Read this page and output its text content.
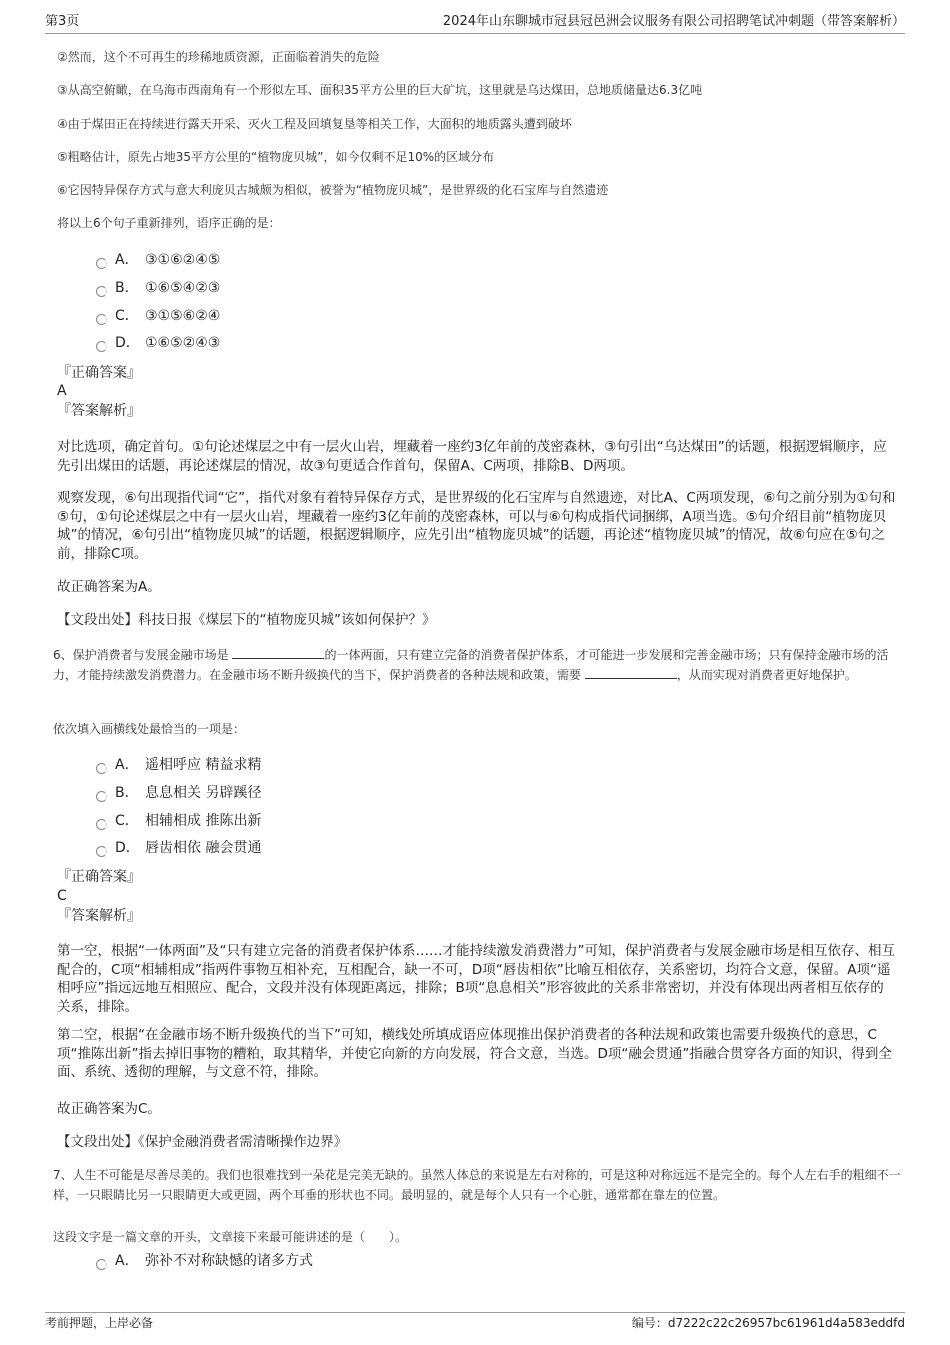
第3页	2024年山东聊城市冠县冠邑洲会议服务有限公司招聘笔试冲刺题（带答案解析）
②然而，这个不可再生的珍稀地质资源，正面临着消失的危险
③从高空俯瞰，在乌海市西南角有一个形似左耳、面积35平方公里的巨大矿坑，这里就是乌达煤田，总地质储量达6.3亿吨
④由于煤田正在持续进行露天开采、灭火工程及回填复垦等相关工作，大面积的地质露头遭到破坏
⑤粗略估计，原先占地35平方公里的“植物庞贝城”，如今仅剩不足10%的区域分布
⑥它因特异保存方式与意大利庞贝古城颇为相似，被誉为“植物庞贝城”，是世界级的化石宝库与自然遗迹
将以上6个句子重新排列，语序正确的是：
A． ③①⑥②④⑤
B． ①⑥⑤④②③
C． ③①⑤⑥②④
D． ①⑥⑤②④③
『正确答案』
A
『答案解析』
对比选项，确定首句。①句论述煤层之中有一层火山岩，埋藏着一座约3亿年前的茂密森林，③句引出“乌达煤田”的话题，根据逻辑顺序，应先引出煤田的话题，再论述煤层的情况，故③句更适合作首句，保留A、C两项，排除B、D两项。
观察发现，⑥句出现指代词“它”，指代对象有着特异保存方式，是世界级的化石宝库与自然遗迹，对比A、C两项发现，⑥句之前分别为①句和⑤句，①句论述煤层之中有一层火山岩，埋藏着一座约3亿年前的茂密森林，可以与⑥句构成指代词捆绑，A项当选。⑤句介绍目前“植物庞贝城”的情况，⑥句引出“植物庞贝城”的话题，根据逻辑顺序，应先引出“植物庞贝城”的话题，再论述“植物庞贝城”的情况，故⑥句应在⑤句之前，排除C项。
故正确答案为A。
【文段出处】科技日报《煤层下的“植物庞贝城”该如何保护？》
6、保护消费者与发展金融市场是	的一体两面，只有建立完备的消费者保护体系，才可能进一步发展和完善金融市场；只有保持金融市场的活力，才能持续激发消费潜力。在金融市场不断升级换代的当下，保护消费者的各种法规和政策，需要	，从而实现对消费者更好地保护。
依次填入画横线处最恰当的一项是：
A． 遥相呼应 精益求精
B． 息息相关 另辟蹊径
C． 相辅相成 推陈出新
D． 唇齿相依 融会贯通
『正确答案』
C
『答案解析』
第一空，根据“一体两面”及“只有建立完备的消费者保护体系……才能持续激发消费潜力”可知，保护消费者与发展金融市场是相互依存、相互配合的，C项“相辅相成”指两件事物互相补充，互相配合，缺一不可，D项“唇齿相依”比喻互相依存，关系密切，均符合文意，保留。A项“遥相呼应”指远远地互相照应、配合，文段并没有体现距离远，排除；B项“息息相关”形容彼此的关系非常密切，并没有体现出两者相互依存的关系，排除。
第二空，根据“在金融市场不断升级换代的当下”可知，横线处所填成语应体现推出保护消费者的各种法规和政策也需要升级换代的意思，C项“推陈出新”指去掉旧事物的糟粕，取其精华，并使它向新的方向发展，符合文意，当选。D项“融会贯通”指融合贯穿各方面的知识，得到全面、系统、透彻的理解，与文意不符，排除。
故正确答案为C。
【文段出处】《保护金融消费者需清晰操作边界》
7、人生不可能是尽善尽美的。我们也很难找到一朵花是完美无缺的。虽然人体总的来说是左右对称的，可是这种对称远远不是完全的。每个人左右手的粗细不一样，一只眼睛比另一只眼睛更大或更圆，两个耳垂的形状也不同。最明显的，就是每个人只有一个心脏，通常都在靠左的位置。
这段文字是一篇文章的开头，文章接下来最可能讲述的是（　　）。
A． 弥补不对称缺憾的诸多方式
考前押题，上岸必备	编号：d7222c22c26957bc61961d4a583eddfd
